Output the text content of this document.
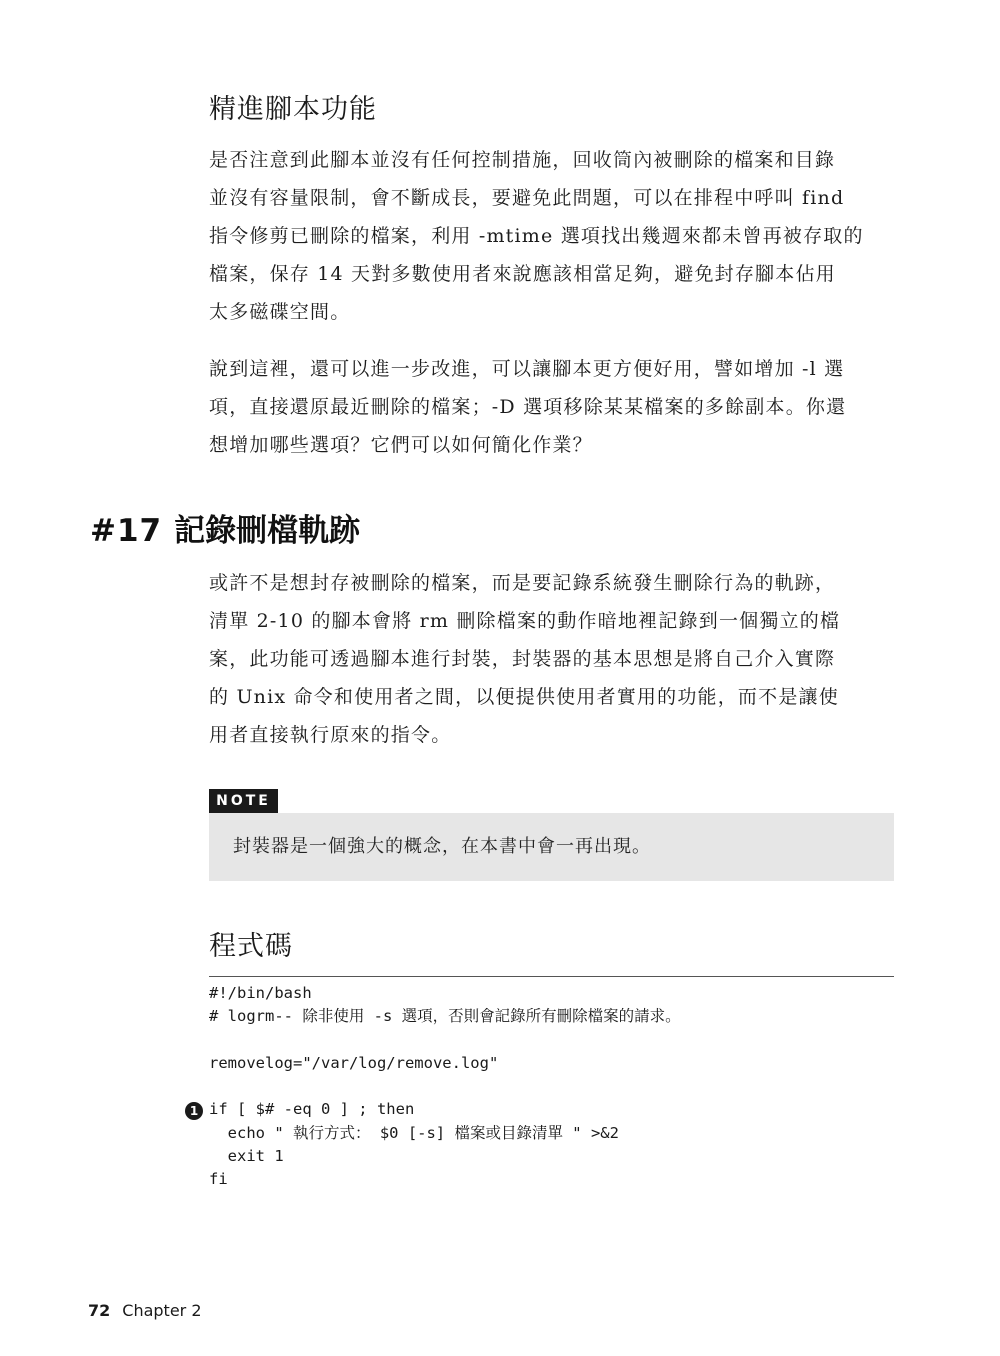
精進腳本功能
是否注意到此腳本並沒有任何控制措施，回收筒內被刪除的檔案和目錄
並沒有容量限制，會不斷成長，要避免此問題，可以在排程中呼叫 find
指令修剪已刪除的檔案，利用 -mtime 選項找出幾週來都未曾再被存取的
檔案，保存 14 天對多數使用者來說應該相當足夠，避免封存腳本佔用
太多磁碟空間。
說到這裡，還可以進一步改進，可以讓腳本更方便好用，譬如增加 -l 選
項，直接還原最近刪除的檔案；-D 選項移除某某檔案的多餘副本。你還
想增加哪些選項？它們可以如何簡化作業？
#17 記錄刪檔軌跡
或許不是想封存被刪除的檔案，而是要記錄系統發生刪除行為的軌跡，
清單 2-10 的腳本會將 rm 刪除檔案的動作暗地裡記錄到一個獨立的檔
案，此功能可透過腳本進行封裝，封裝器的基本思想是將自己介入實際
的 Unix 命令和使用者之間，以便提供使用者實用的功能，而不是讓使
用者直接執行原來的指令。
NOTE
封裝器是一個強大的概念，在本書中會一再出現。
程式碼
#!/bin/bash
# logrm-- 除非使用 -s 選項，否則會記錄所有刪除檔案的請求。
removelog="/var/log/remove.log"
if [ $# -eq 0 ] ; then
echo " 執行方式： $0 [-s] 檔案或目錄清單 " >&2
exit 1
fi
1
72 Chapter 2
